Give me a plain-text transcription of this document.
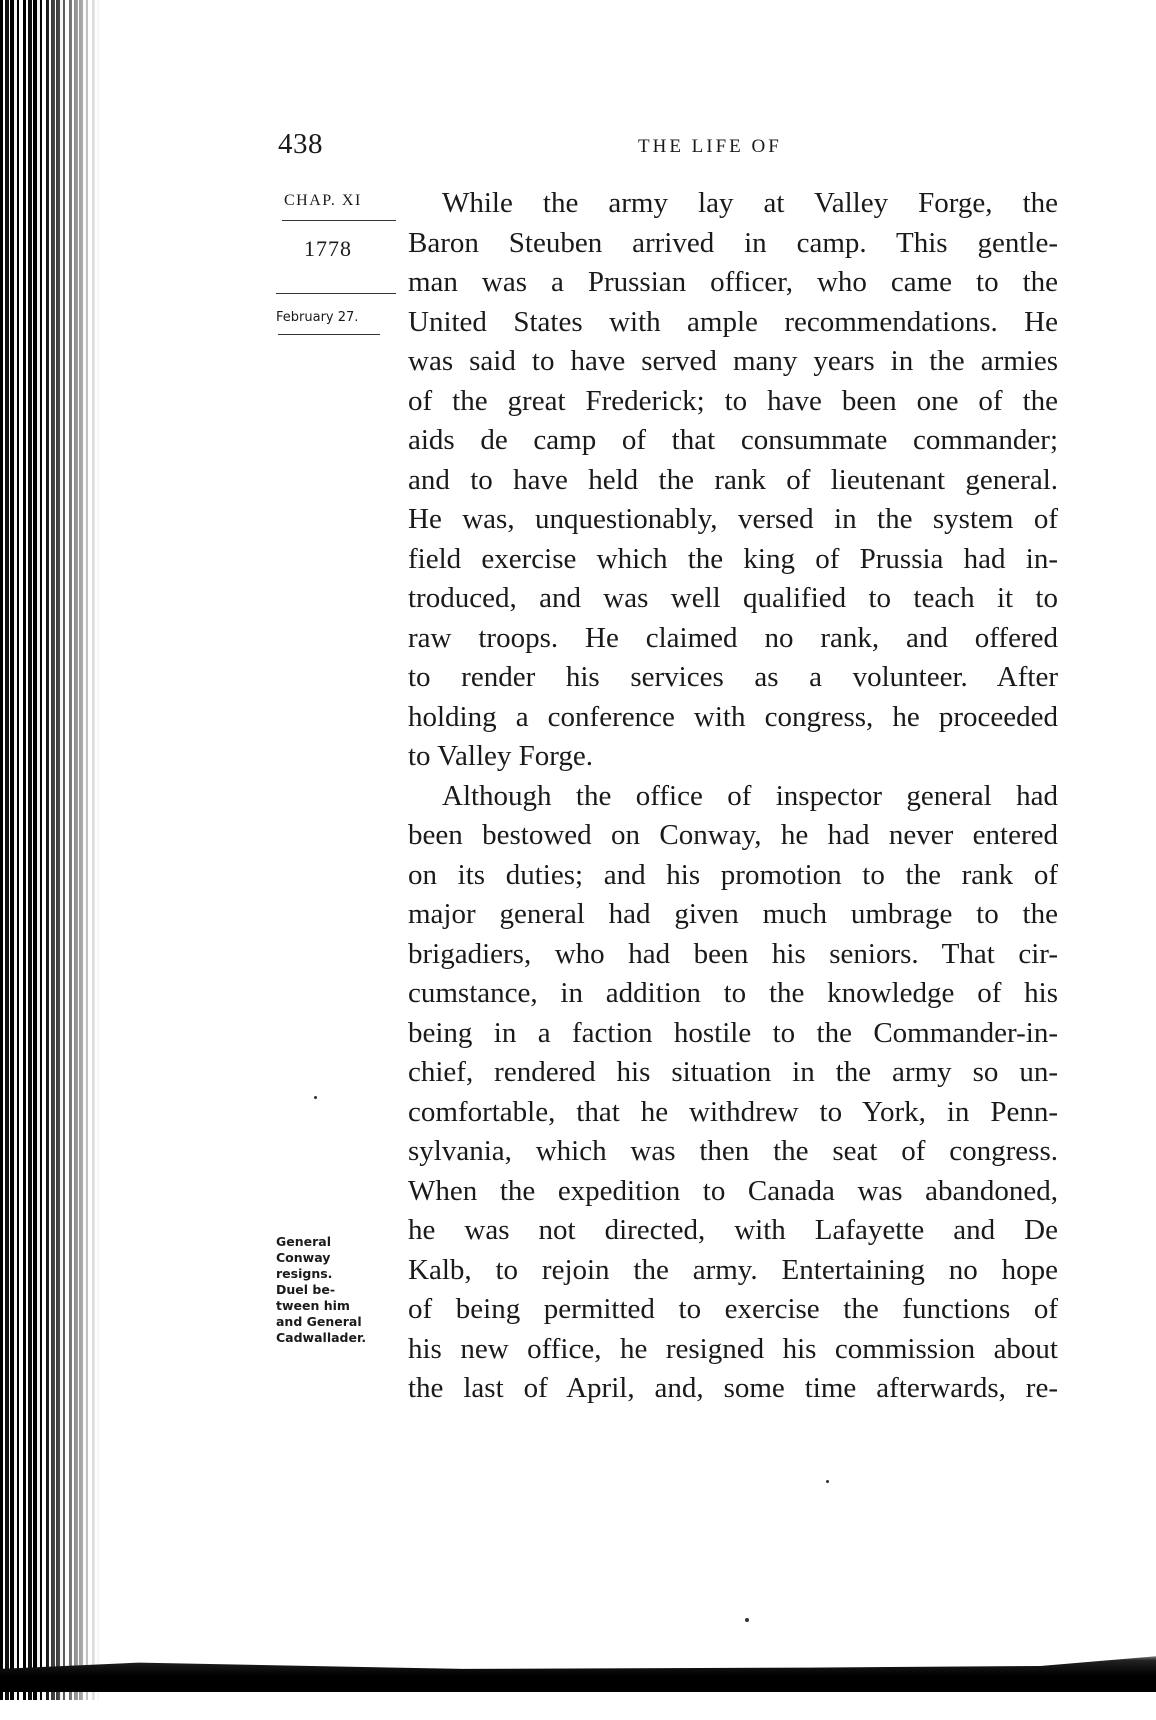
438	THE LIFE OF
CHAP. XI
1778
February 27.
General
Conway
resigns.
Duel be-
tween him
and General
Cadwallader.
While the army lay at Valley Forge, the
Baron Steuben arrived in camp. This gentle-
man was a Prussian officer, who came to the
United States with ample recommendations. He
was said to have served many years in the armies
of the great Frederick; to have been one of the
aids de camp of that consummate commander;
and to have held the rank of lieutenant general.
He was, unquestionably, versed in the system of
field exercise which the king of Prussia had in-
troduced, and was well qualified to teach it to
raw troops. He claimed no rank, and offered
to render his services as a volunteer. After
holding a conference with congress, he proceeded
to Valley Forge.
Although the office of inspector general had
been bestowed on Conway, he had never entered
on its duties; and his promotion to the rank of
major general had given much umbrage to the
brigadiers, who had been his seniors. That cir-
cumstance, in addition to the knowledge of his
being in a faction hostile to the Commander-in-
chief, rendered his situation in the army so un-
comfortable, that he withdrew to York, in Penn-
sylvania, which was then the seat of congress.
When the expedition to Canada was abandoned,
he was not directed, with Lafayette and De
Kalb, to rejoin the army. Entertaining no hope
of being permitted to exercise the functions of
his new office, he resigned his commission about
the last of April, and, some time afterwards, re-
